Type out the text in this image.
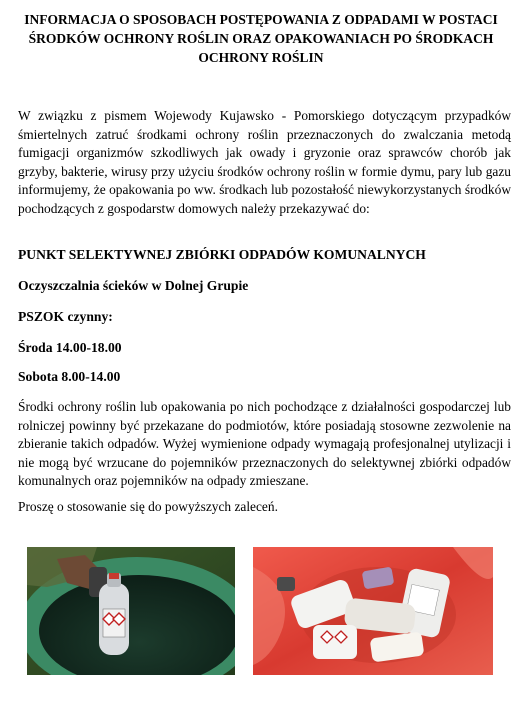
INFORMACJA O SPOSOBACH POSTĘPOWANIA Z ODPADAMI W POSTACI ŚRODKÓW OCHRONY ROŚLIN ORAZ OPAKOWANIACH PO ŚRODKACH OCHRONY ROŚLIN
W związku z pismem Wojewody Kujawsko - Pomorskiego dotyczącym przypadków śmiertelnych zatruć środkami ochrony roślin przeznaczonych do zwalczania metodą fumigacji organizmów szkodliwych jak owady i gryzonie oraz sprawców chorób jak grzyby, bakterie, wirusy przy użyciu środków ochrony roślin w formie dymu, pary lub gazu informujemy, że opakowania po ww. środkach lub pozostałość niewykorzystanych środków pochodzących z gospodarstw domowych należy przekazywać do:
PUNKT SELEKTYWNEJ ZBIÓRKI ODPADÓW KOMUNALNYCH
Oczyszczalnia ścieków w Dolnej Grupie
PSZOK czynny:
Środa 14.00-18.00
Sobota 8.00-14.00
Środki ochrony roślin lub opakowania po nich pochodzące z działalności gospodarczej lub rolniczej powinny być przekazane do podmiotów, które posiadają stosowne zezwolenie na zbieranie takich odpadów. Wyżej wymienione odpady wymagają profesjonalnej utylizacji i nie mogą być wrzucane do pojemników przeznaczonych do selektywnej zbiórki odpadów komunalnych oraz pojemników na odpady zmieszane.
Proszę o stosowanie się do powyższych zaleceń.
